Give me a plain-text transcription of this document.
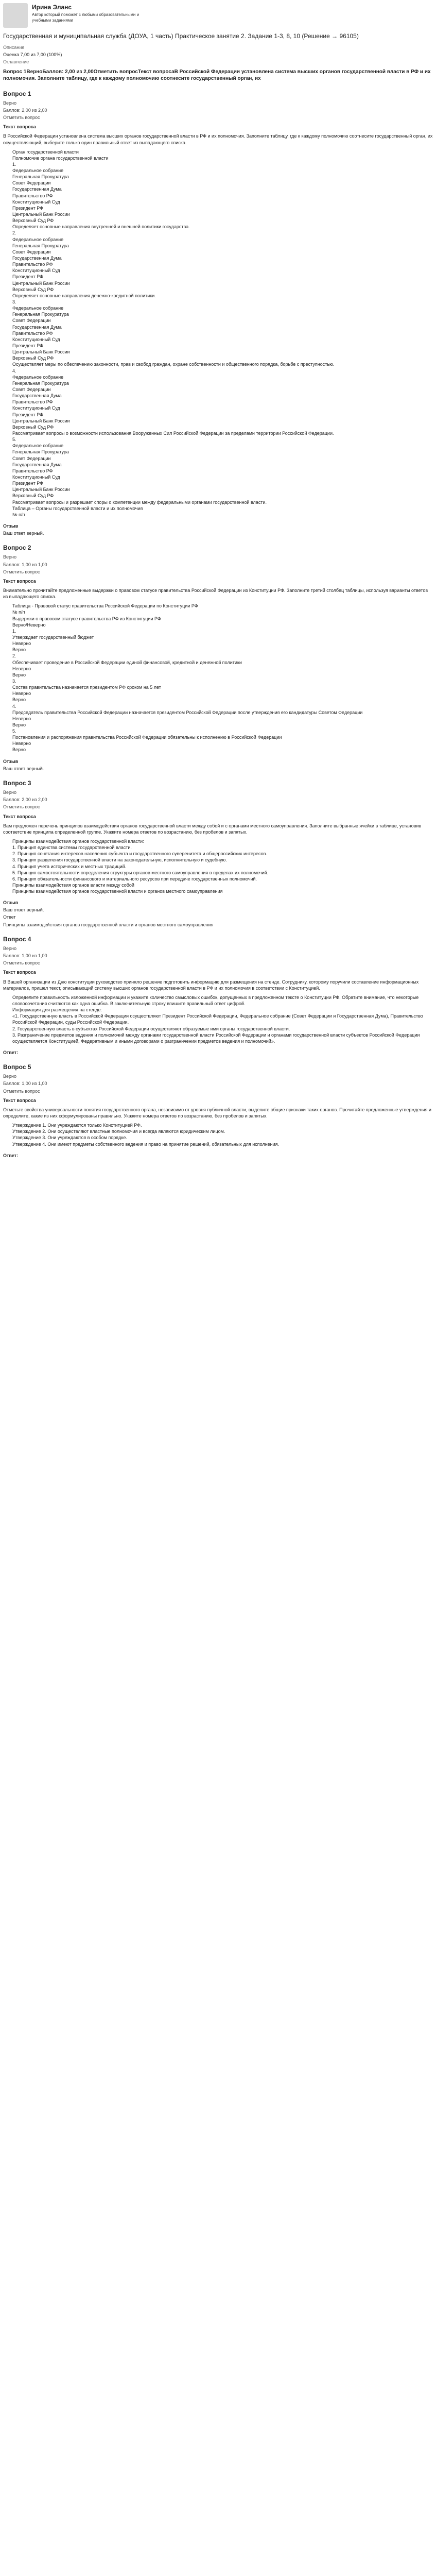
Ирина Эланс
Автор который поможет с любыми образовательными и учебными заданиями
Государственная и муниципальная служба (ДОУА, 1 часть) Практическое занятие 2. Задание 1-3, 8, 10 (Решение → 96105)
Описание
Оценка 7,00 из 7,00 (100%)
Оглавление
Вопрос 1ВерноБаллов: 2,00 из 2,00Отметить вопросТекст вопросаВ Российской Федерации установлена система высших органов государственной власти в РФ и их полномочия. Заполните таблицу, где к каждому полномочию соотнесите государственный орган, их
Вопрос 1
Верно
Баллов: 2,00 из 2,00
Отметить вопрос
Текст вопроса

В Российской Федерации установлена система высших органов государственной власти в РФ и их полномочия. Заполните таблицу, где к каждому полномочию соотнесите государственный орган, их осуществляющий, выберите только один правильный ответ из выпадающего списка.

Орган государственной власти
Полномочие органа государственной власти
1.
Федеральное собрание
Генеральная Прокуратура
Совет Федерации
Государственная Дума
Правительство РФ
Конституционный Суд
Президент РФ
Центральный Банк России
Верховный Суд РФ
Определяет основные направления внутренней и внешней политики государства.
2.
Федеральное собрание
Генеральная Прокуратура
Совет Федерации
Государственная Дума
Правительство РФ
Конституционный Суд
Президент РФ
Центральный Банк России
Верховный Суд РФ
Определяет основные направления денежно-кредитной политики.
3.
Федеральное собрание
Генеральная Прокуратура
Совет Федерации
Государственная Дума
Правительство РФ
Конституционный Суд
Президент РФ
Центральный Банк России
Верховный Суд РФ
Осуществляет меры по обеспечению законности, прав и свобод граждан, охране собственности и общественного порядка, борьбе с преступностью.
4.
Федеральное собрание
Генеральная Прокуратура
Совет Федерации
Государственная Дума
Правительство РФ
Конституционный Суд
Президент РФ
Центральный Банк России
Верховный Суд РФ
Рассматривает вопросы о возможности использования Вооруженных Сил Российской Федерации за пределами территории Российской Федерации.
5.
Федеральное собрание
Генеральная Прокуратура
Совет Федерации
Государственная Дума
Правительство РФ
Конституционный Суд
Президент РФ
Центральный Банк России
Верховный Суд РФ
Рассматривает вопросы и разрешает споры о компетенции между федеральными органами государственной власти.
Таблица – Органы государственной власти и их полномочия
№ п/п
Отзыв
Ваш ответ верный.
Вопрос 2
Верно
Баллов: 1,00 из 1,00
Отметить вопрос
Текст вопроса

Внимательно прочитайте предложенные выдержки о правовом статусе правительства Российской Федерации из Конституции РФ. Заполните третий столбец таблицы, используя варианты ответов из выпадающего списка.

Таблица - Правовой статус правительства Российской Федерации по Конституции РФ
№ п/п
Выдержки о правовом статусе правительства РФ из Конституции РФ
Верно/Неверно
1.
Утверждает государственный бюджет
Неверно
Верно
2.
Обеспечивает проведение в Российской Федерации единой финансовой, кредитной и денежной политики
Неверно
Верно
3.
Состав правительства назначается президентом РФ сроком на 5 лет
Неверно
Верно
4.
Председатель правительства Российской Федерации назначается президентом Российской Федерации после утверждения его кандидатуры Советом Федерации
Неверно
Верно
5.
Постановления и распоряжения правительства Российской Федерации обязательны к исполнению в Российской Федерации
Неверно
Верно
Отзыв
Ваш ответ верный.
Вопрос 3
Верно
Баллов: 2,00 из 2,00
Отметить вопрос
Текст вопроса

Вам предложен перечень принципов взаимодействия органов государственной власти между собой и с органами местного самоуправления. Заполните выбранные ячейки в таблице, установив соответствие принципа определенной группе. Укажите номера ответов по возрастанию, без пробелов и запятых.

Принципы взаимодействия органов государственной власти:
1. Принцип единства системы государственной власти.
2. Принцип сочетания интересов населения субъекта и государственного суверенитета и общероссийских интересов.
3. Принцип разделения государственной власти на законодательную, исполнительную и судебную.
4. Принцип учета исторических и местных традиций.
5. Принцип самостоятельности определения структуры органов местного самоуправления в пределах их полномочий.
6. Принцип обязательности финансового и материального ресурсов при передаче государственных полномочий.
Принципы взаимодействия органов власти между собой
Принципы взаимодействия органов государственной власти и органов местного самоуправления
Отзыв
Ваш ответ верный.
Ответ
Принципы взаимодействия органов государственной власти и органов местного самоуправления
Вопрос 4
Верно
Баллов: 1,00 из 1,00
Отметить вопрос
Текст вопроса

В Вашей организации из Дню конституции руководство приняло решение подготовить информацию для размещения на стенде. Сотруднику, которому поручили составление информационных материалов, пришел текст, описывающий систему высших органов государственной власти в РФ и их полномочия в соответствии с Конституцией.

Определите правильность изложенной информации и укажите количество смысловых ошибок, допущенных в предложенном тексте о Конституции РФ. Обратите внимание, что некоторые словосочетания считаются как одна ошибка. В заключительную строку впишите правильный ответ цифрой.
Информация для размещения на стенде:
«1. Государственную власть в Российской Федерации осуществляют Президент Российской Федерации, Федеральное собрание (Совет Федерации и Государственная Дума), Правительство Российской Федерации, суды Российской Федерации.
2. Государственную власть в субъектах Российской Федерации осуществляют образуемые ими органы государственной власти.
3. Разграничение предметов ведения и полномочий между органами государственной власти Российской Федерации и органами государственной власти субъектов Российской Федерации осуществляется Конституцией, Федеративным и иными договорами о разграничении предметов ведения и полномочий».
Ответ:
Вопрос 5
Верно
Баллов: 1,00 из 1,00
Отметить вопрос
Текст вопроса

Отметьте свойства универсальности понятия государственного органа, независимо от уровня публичной власти, выделите общие признаки таких органов. Прочитайте предложенные утверждения и определите, какие из них сформулированы правильно. Укажите номера ответов по возрастанию, без пробелов и запятых.

Утверждение 1. Они учреждаются только Конституцией РФ.
Утверждение 2. Они осуществляют властные полномочия и всегда являются юридическим лицом.
Утверждение 3. Они учреждаются в особом порядке.
Утверждение 4. Они имеют предметы собственного ведения и право на принятие решений, обязательных для исполнения.
Ответ:
